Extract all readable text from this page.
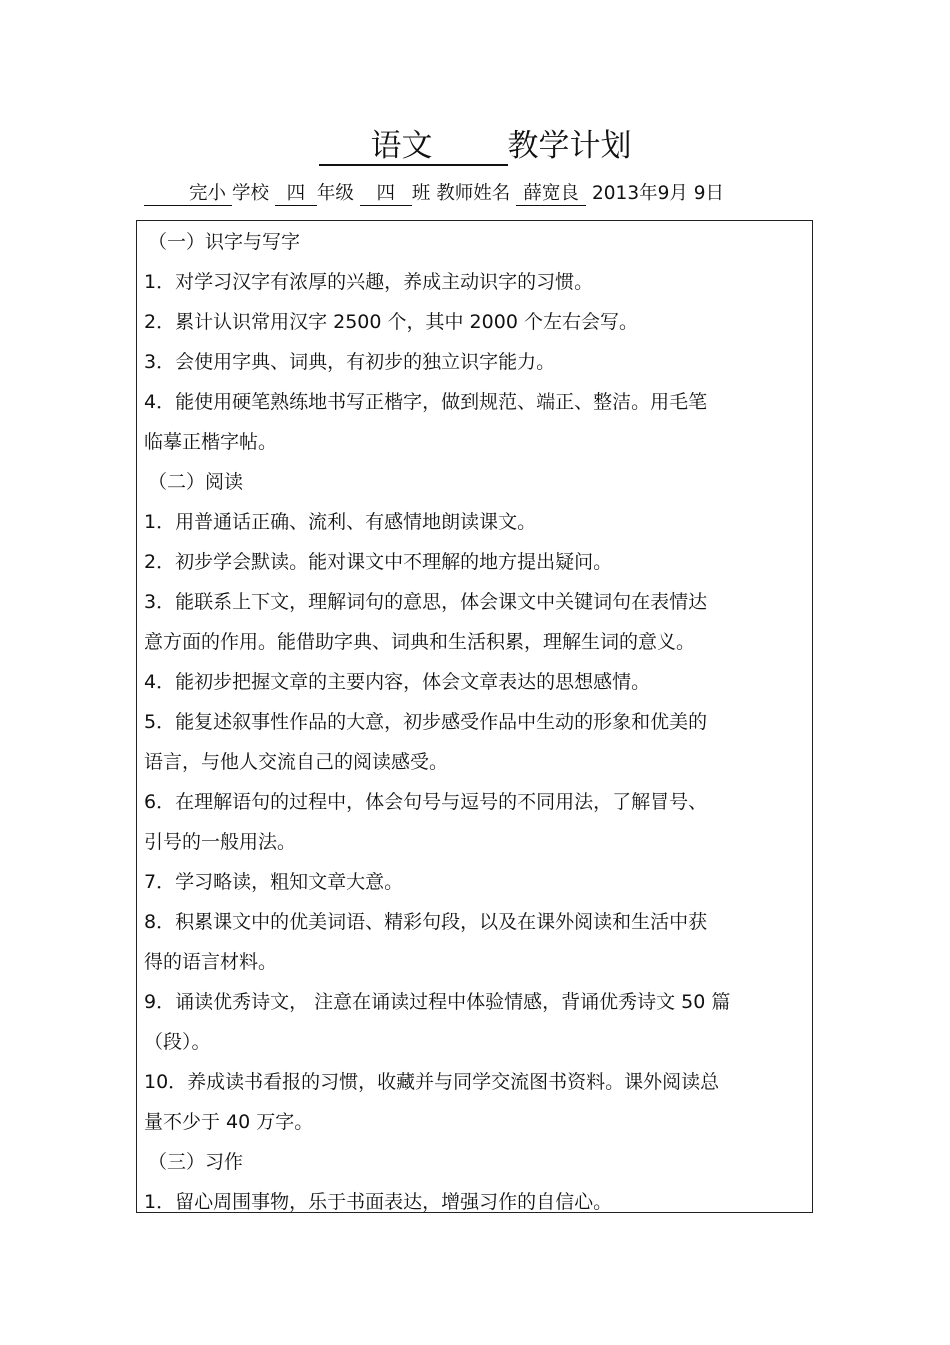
语文 教学计划
完小 学校 四 年级 四 班 教师姓名 薛宽良 2013年9月 9日
（一）识字与写字
1．对学习汉字有浓厚的兴趣，养成主动识字的习惯。
2．累计认识常用汉字 2500 个，其中 2000 个左右会写。
3．会使用字典、词典，有初步的独立识字能力。
4．能使用硬笔熟练地书写正楷字，做到规范、端正、整洁。用毛笔
临摹正楷字帖。
（二）阅读
1．用普通话正确、流利、有感情地朗读课文。
2．初步学会默读。能对课文中不理解的地方提出疑问。
3．能联系上下文，理解词句的意思，体会课文中关键词句在表情达
意方面的作用。能借助字典、词典和生活积累，理解生词的意义。
4．能初步把握文章的主要内容，体会文章表达的思想感情。
5．能复述叙事性作品的大意，初步感受作品中生动的形象和优美的
语言，与他人交流自己的阅读感受。
6．在理解语句的过程中，体会句号与逗号的不同用法，了解冒号、
引号的一般用法。
7．学习略读，粗知文章大意。
8．积累课文中的优美词语、精彩句段，以及在课外阅读和生活中获
得的语言材料。
9．诵读优秀诗文， 注意在诵读过程中体验情感，背诵优秀诗文 50 篇
（段）。
10．养成读书看报的习惯，收藏并与同学交流图书资料。课外阅读总
量不少于 40 万字。
（三）习作
1．留心周围事物，乐于书面表达，增强习作的自信心。
